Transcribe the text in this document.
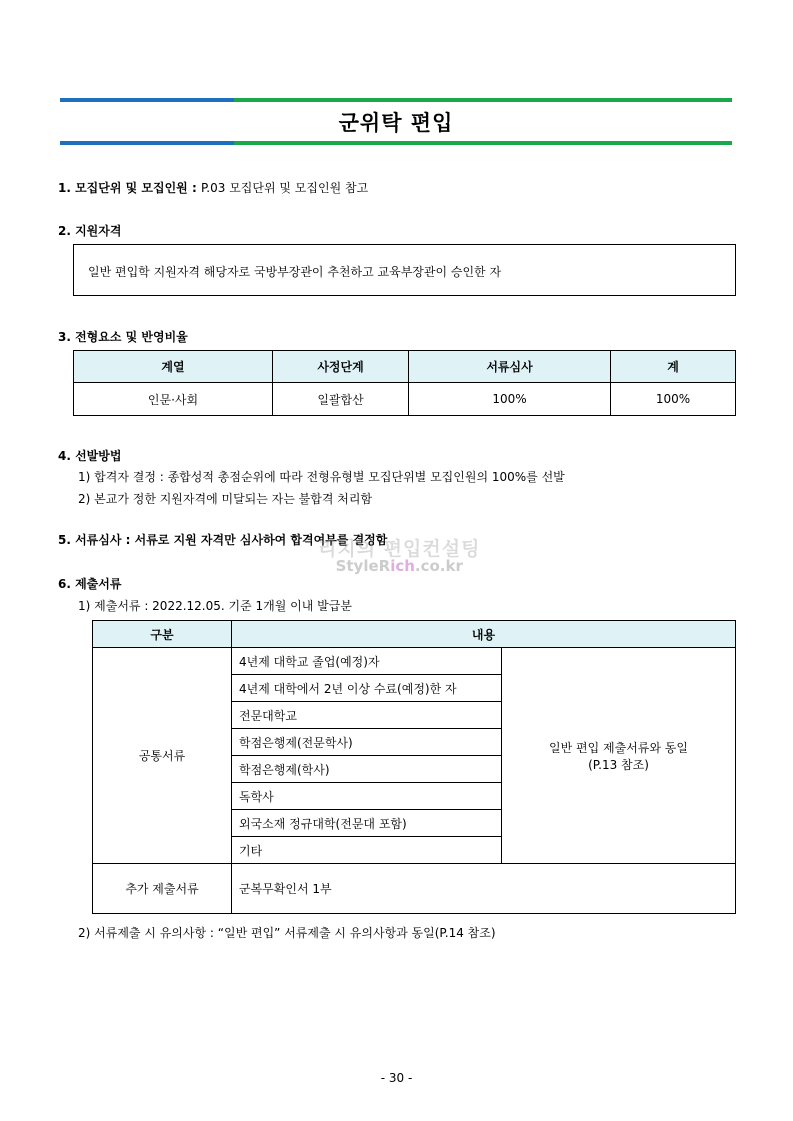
군위탁 편입
1. 모집단위 및 모집인원 : P.03 모집단위 및 모집인원 참고
2. 지원자격
일반 편입학 지원자격 해당자로 국방부장관이 추천하고 교육부장관이 승인한 자
3. 전형요소 및 반영비율
계열	사정단계	서류심사	계
인문·사회	일괄합산	100%	100%
4. 선발방법
1) 합격자 결정 : 종합성적 총점순위에 따라 전형유형별 모집단위별 모집인원의 100%를 선발
2) 본교가 정한 지원자격에 미달되는 자는 불합격 처리함
5. 서류심사 : 서류로 지원 자격만 심사하여 합격여부를 결정함
리치의 편입컨설팅
StyleRich.co.kr
6. 제출서류
1) 제출서류 : 2022.12.05. 기준 1개월 이내 발급분
구분	내용	
공통서류	4년제 대학교 졸업(예정)자	일반 편입 제출서류와 동일
(P.13 참조)

	4년제 대학에서 2년 이상 수료(예정)한 자	
	전문대학교	
	학점은행제(전문학사)	
	학점은행제(학사)	
	독학사	
	외국소재 정규대학(전문대 포함)	
	기타	
추가 제출서류	군복무확인서 1부	
2) 서류제출 시 유의사항 : “일반 편입” 서류제출 시 유의사항과 동일(P.14 참조)
- 30 -
